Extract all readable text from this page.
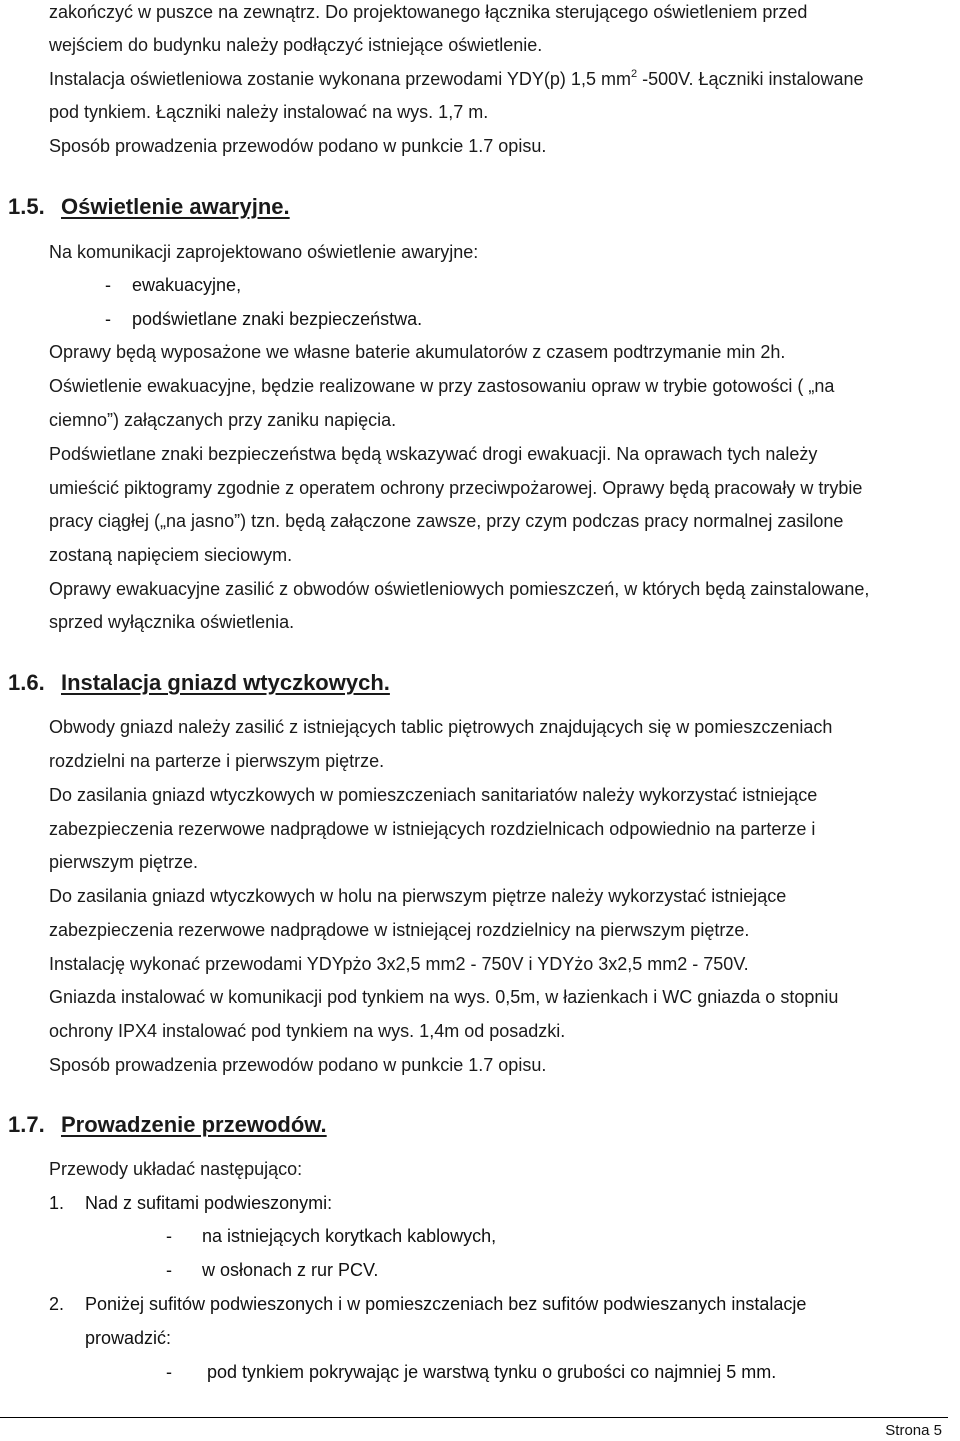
zakończyć w puszce na zewnątrz. Do projektowanego łącznika sterującego oświetleniem przed
wejściem do budynku należy podłączyć istniejące oświetlenie.
Instalacja oświetleniowa zostanie wykonana przewodami YDY(p) 1,5 $mm^2$ -500V. Łączniki instalowane
pod tynkiem. Łączniki należy instalować na wys. 1,7 m.
Sposób prowadzenia przewodów podano w punkcie 1.7 opisu.
1.5. Oświetlenie awaryjne.
Na komunikacji zaprojektowano oświetlenie awaryjne:
- ewakuacyjne,
- podświetlane znaki bezpieczeństwa.
Oprawy będą wyposażone we własne baterie akumulatorów z czasem podtrzymanie min 2h.
Oświetlenie ewakuacyjne, będzie realizowane w przy zastosowaniu opraw w trybie gotowości ( „na
ciemno”) załączanych przy zaniku napięcia.
Podświetlane znaki bezpieczeństwa będą wskazywać drogi ewakuacji. Na oprawach tych należy
umieścić piktogramy zgodnie z operatem ochrony przeciwpożarowej. Oprawy będą pracowały w trybie
pracy ciągłej („na jasno”) tzn. będą załączone zawsze, przy czym podczas pracy normalnej zasilone
zostaną napięciem sieciowym.
Oprawy ewakuacyjne zasilić z obwodów oświetleniowych pomieszczeń, w których będą zainstalowane,
sprzed wyłącznika oświetlenia.
1.6. Instalacja gniazd wtyczkowych.
Obwody gniazd należy zasilić z istniejących tablic piętrowych znajdujących się w pomieszczeniach
rozdzielni na parterze i pierwszym piętrze.
Do zasilania gniazd wtyczkowych w pomieszczeniach sanitariatów należy wykorzystać istniejące
zabezpieczenia rezerwowe nadprądowe w istniejących rozdzielnicach odpowiednio na parterze i
pierwszym piętrze.
Do zasilania gniazd wtyczkowych w holu na pierwszym piętrze należy wykorzystać istniejące
zabezpieczenia rezerwowe nadprądowe w istniejącej rozdzielnicy na pierwszym piętrze.
Instalację wykonać przewodami YDYpżo 3x2,5 mm2 - 750V i YDYżo 3x2,5 mm2 - 750V.
Gniazda instalować w komunikacji pod tynkiem na wys. 0,5m, w łazienkach i WC gniazda o stopniu
ochrony IPX4 instalować pod tynkiem na wys. 1,4m od posadzki.
Sposób prowadzenia przewodów podano w punkcie 1.7 opisu.
1.7. Prowadzenie przewodów.
Przewody układać następująco:
1. Nad z sufitami podwieszonymi:
- na istniejących korytkach kablowych,
- w osłonach z rur PCV.
2. Poniżej sufitów podwieszonych i w pomieszczeniach bez sufitów podwieszanych instalacje
prowadzić:
- pod tynkiem pokrywając je warstwą tynku o grubości co najmniej 5 mm.
Strona 5
